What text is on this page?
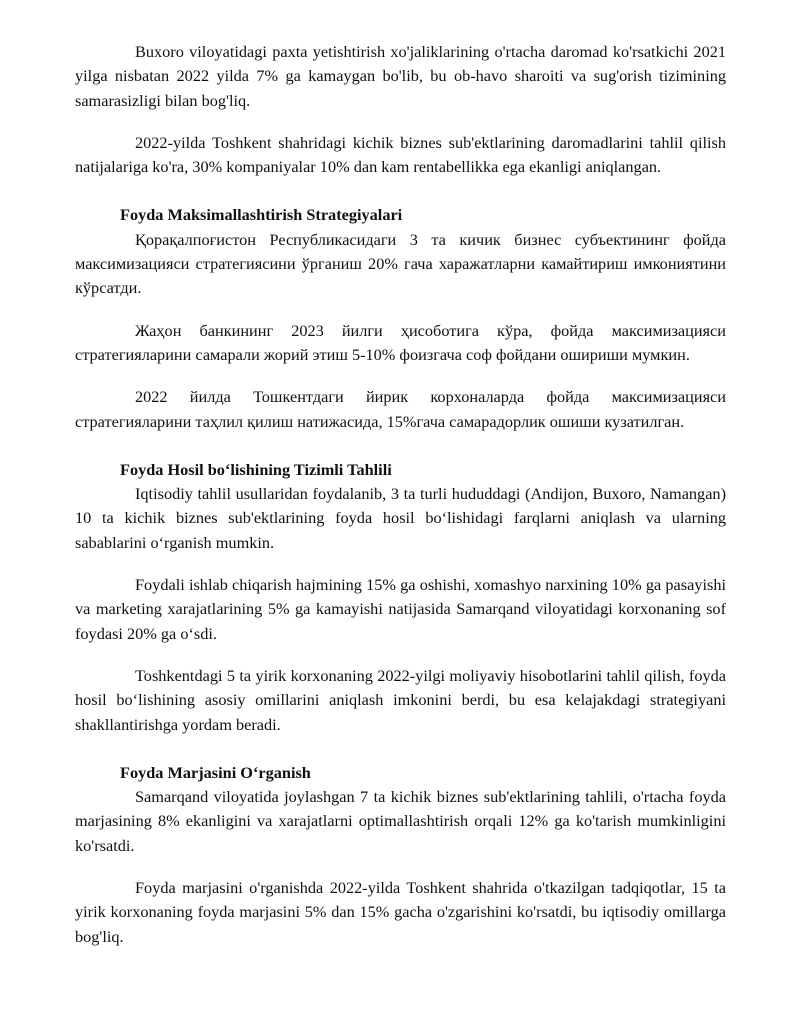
Buxoro viloyatidagi paxta yetishtirish xo'jaliklarining o'rtacha daromad ko'rsatkichi 2021 yilga nisbatan 2022 yilda 7% ga kamaygan bo'lib, bu ob-havo sharoiti va sug'orish tizimining samarasizligi bilan bog'liq.

2022-yilda Toshkent shahridagi kichik biznes sub'ektlarining daromadlarini tahlil qilish natijalariga ko'ra, 30% kompaniyalar 10% dan kam rentabellikka ega ekanligi aniqlangan.

Foyda Maksimallashtirish Strategiyalari

Қорақалпоғистон Республикасидаги 3 та кичик бизнес субъектининг фойда максимизацияси стратегиясини ўрганиш 20% гача харажатларни камайтириш имкониятини кўрсатди.

Жаҳон банкининг 2023 йилги ҳисоботига кўра, фойда максимизацияси стратегияларини самарали жорий этиш 5-10% фоизгача соф фойдани ошириши мумкин.

2022 йилда Тошкентдаги йирик корхоналарда фойда максимизацияси стратегияларини таҳлил қилиш натижасида, 15%гача самарадорлик ошиши кузатилган.

Foyda Hosil bo‘lishining Tizimli Tahlili

Iqtisodiy tahlil usullaridan foydalanib, 3 ta turli hududdagi (Andijon, Buxoro, Namangan) 10 ta kichik biznes sub'ektlarining foyda hosil bo‘lishidagi farqlarni aniqlash va ularning sabablarini o‘rganish mumkin.

Foydali ishlab chiqarish hajmining 15% ga oshishi, xomashyo narxining 10% ga pasayishi va marketing xarajatlarining 5% ga kamayishi natijasida Samarqand viloyatidagi korxonaning sof foydasi 20% ga o‘sdi.

Toshkentdagi 5 ta yirik korxonaning 2022-yilgi moliyaviy hisobotlarini tahlil qilish, foyda hosil bo‘lishining asosiy omillarini aniqlash imkonini berdi, bu esa kelajakdagi strategiyani shakllantirishga yordam beradi.

Foyda Marjasini O‘rganish

Samarqand viloyatida joylashgan 7 ta kichik biznes sub'ektlarining tahlili, o'rtacha foyda marjasining 8% ekanligini va xarajatlarni optimallashtirish orqali 12% ga ko'tarish mumkinligini ko'rsatdi.

Foyda marjasini o'rganishda 2022-yilda Toshkent shahrida o'tkazilgan tadqiqotlar, 15 ta yirik korxonaning foyda marjasini 5% dan 15% gacha o'zgarishini ko'rsatdi, bu iqtisodiy omillarga bog'liq.
